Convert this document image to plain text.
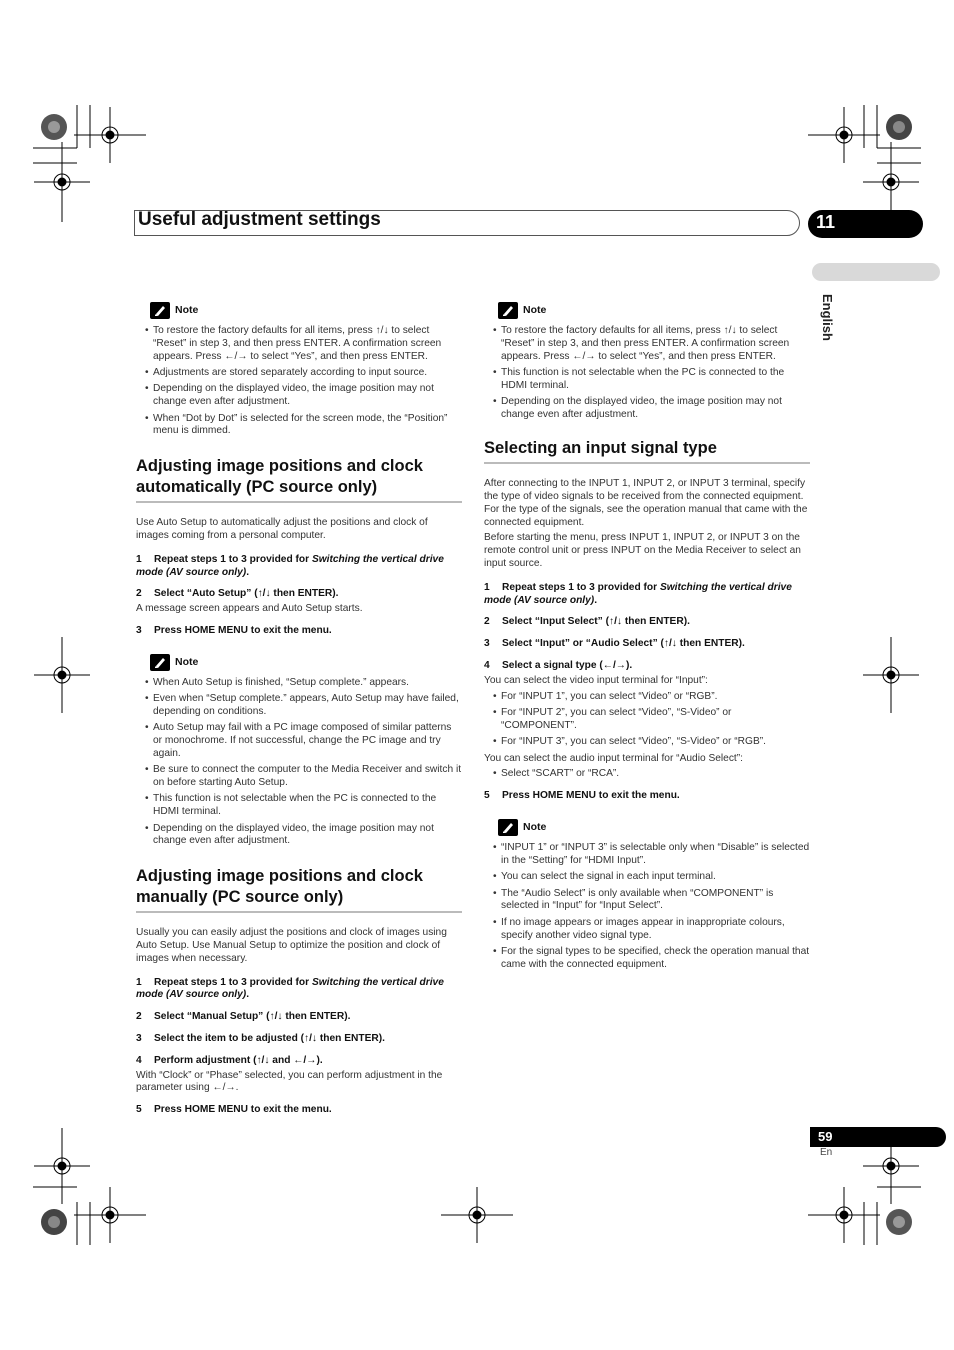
Useful adjustment settings	11
English
Note
• To restore the factory defaults for all items, press ↑/↓ to select “Reset” in step 3, and then press ENTER. A confirmation screen appears. Press ←/→ to select “Yes”, and then press ENTER.
• Adjustments are stored separately according to input source.
• Depending on the displayed video, the image position may not change even after adjustment.
• When “Dot by Dot” is selected for the screen mode, the “Position” menu is dimmed.
Adjusting image positions and clock automatically (PC source only)

Use Auto Setup to automatically adjust the positions and clock of images coming from a personal computer.

1 Repeat steps 1 to 3 provided for Switching the vertical drive mode (AV source only).
2 Select “Auto Setup” (↑/↓ then ENTER).

A message screen appears and Auto Setup starts.

3 Press HOME MENU to exit the menu.
Note
• When Auto Setup is finished, “Setup complete.” appears.
• Even when “Setup complete.” appears, Auto Setup may have failed, depending on conditions.
• Auto Setup may fail with a PC image composed of similar patterns or monochrome. If not successful, change the PC image and try again.
• Be sure to connect the computer to the Media Receiver and switch it on before starting Auto Setup.
• This function is not selectable when the PC is connected to the HDMI terminal.
• Depending on the displayed video, the image position may not change even after adjustment.
Adjusting image positions and clock manually (PC source only)

Usually you can easily adjust the positions and clock of images using Auto Setup. Use Manual Setup to optimize the position and clock of images when necessary.

1 Repeat steps 1 to 3 provided for Switching the vertical drive mode (AV source only).
2 Select “Manual Setup” (↑/↓ then ENTER).
3 Select the item to be adjusted (↑/↓ then ENTER).
4 Perform adjustment (↑/↓ and ←/→).

With “Clock” or “Phase” selected, you can perform adjustment in the parameter using ←/→.

5 Press HOME MENU to exit the menu.
Note
• To restore the factory defaults for all items, press ↑/↓ to select “Reset” in step 3, and then press ENTER. A confirmation screen appears. Press ←/→ to select “Yes”, and then press ENTER.
• This function is not selectable when the PC is connected to the HDMI terminal.
• Depending on the displayed video, the image position may not change even after adjustment.
Selecting an input signal type

After connecting to the INPUT 1, INPUT 2, or INPUT 3 terminal, specify the type of video signals to be received from the connected equipment. For the type of the signals, see the operation manual that came with the connected equipment.

Before starting the menu, press INPUT 1, INPUT 2, or INPUT 3 on the remote control unit or press INPUT on the Media Receiver to select an input source.

1 Repeat steps 1 to 3 provided for Switching the vertical drive mode (AV source only).
2 Select “Input Select” (↑/↓ then ENTER).
3 Select “Input” or “Audio Select” (↑/↓ then ENTER).
4 Select a signal type (←/→).

You can select the video input terminal for “Input”:

• For “INPUT 1”, you can select “Video” or “RGB”.
• For “INPUT 2”, you can select “Video”, “S-Video” or “COMPONENT”.
• For “INPUT 3”, you can select “Video”, “S-Video” or “RGB”.

You can select the audio input terminal for “Audio Select”:

• Select “SCART” or “RCA”.
5 Press HOME MENU to exit the menu.
Note
• “INPUT 1” or “INPUT 3” is selectable only when “Disable” is selected in the “Setting” for “HDMI Input”.
• You can select the signal in each input terminal.
• The “Audio Select” is only available when “COMPONENT” is selected in “Input” for “Input Select”.
• If no image appears or images appear in inappropriate colours, specify another video signal type.
• For the signal types to be specified, check the operation manual that came with the connected equipment.
59
En
